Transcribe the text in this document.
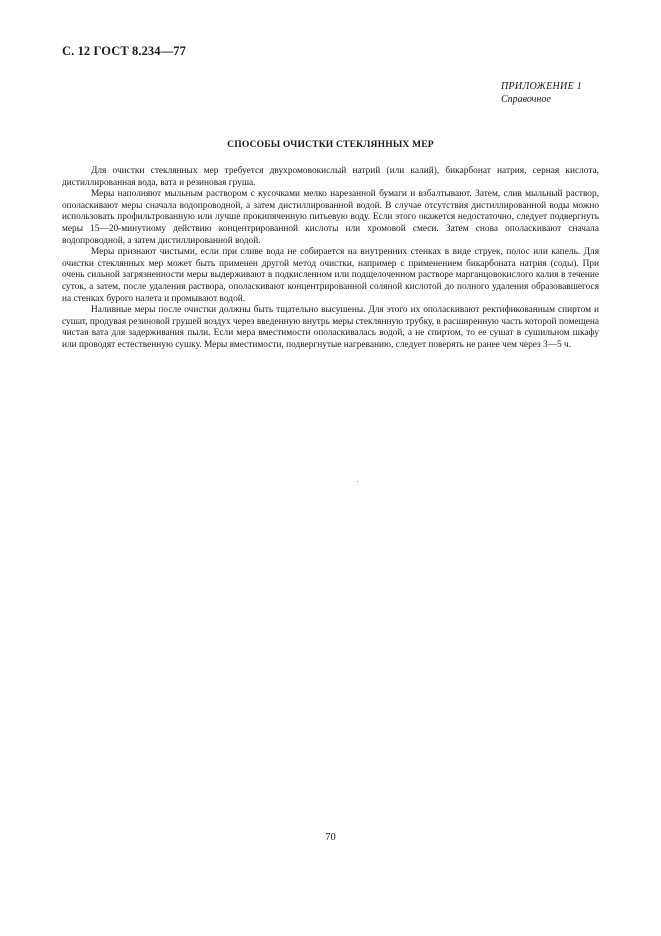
С. 12 ГОСТ 8.234—77
ПРИЛОЖЕНИЕ 1
Справочное
СПОСОБЫ ОЧИСТКИ СТЕКЛЯННЫХ МЕР

Для очистки стеклянных мер требуется двухромовокислый натрий (или калий), бикарбонат натрия, серная кислота, дистиллированная вода, вата и резиновая груша.

Меры наполняют мыльным раствором с кусочками мелко нарезанной бумаги и взбалтывают. Затем, слив мыльный раствор, ополаскивают меры сначала водопроводной, а затем дистиллированной водой. В случае отсутствия дистиллированной воды можно использовать профильтрованную или лучше прокипяченную питьевую воду. Если этого окажется недостаточно, следует подвергнуть меры 15—20-минутному действию концентрированной кислоты или хромовой смеси. Затем снова ополаскивают сначала водопроводной, а затем дистиллированной водой.

Меры признают чистыми, если при сливе вода не собирается на внутренних стенках в виде струек, полос или капель. Для очистки стеклянных мер может быть применен другой метод очистки, например с применением бикарбоната натрия (соды). При очень сильной загрязненности меры выдерживают в подкисленном или подщелоченном растворе марганцовокислого калия в течение суток, а затем, после удаления раствора, ополаскивают концентрированной соляной кислотой до полного удаления образовавшегося на стенках бурого налета и промывают водой.

Наливные меры после очистки должны быть тщательно высушены. Для этого их ополаскивают ректификованным спиртом и сушат, продувая резиновой грушей воздух через введенную внутрь меры стеклянную трубку, в расширенную часть которой помещена чистая вата для задерживания пыли. Если мера вместимости ополаскивалась водой, а не спиртом, то ее сушат в сушильном шкафу или проводят естественную сушку. Меры вместимости, подвергнутые нагреванию, следует поверять не ранее чем через 3—5 ч.

70
